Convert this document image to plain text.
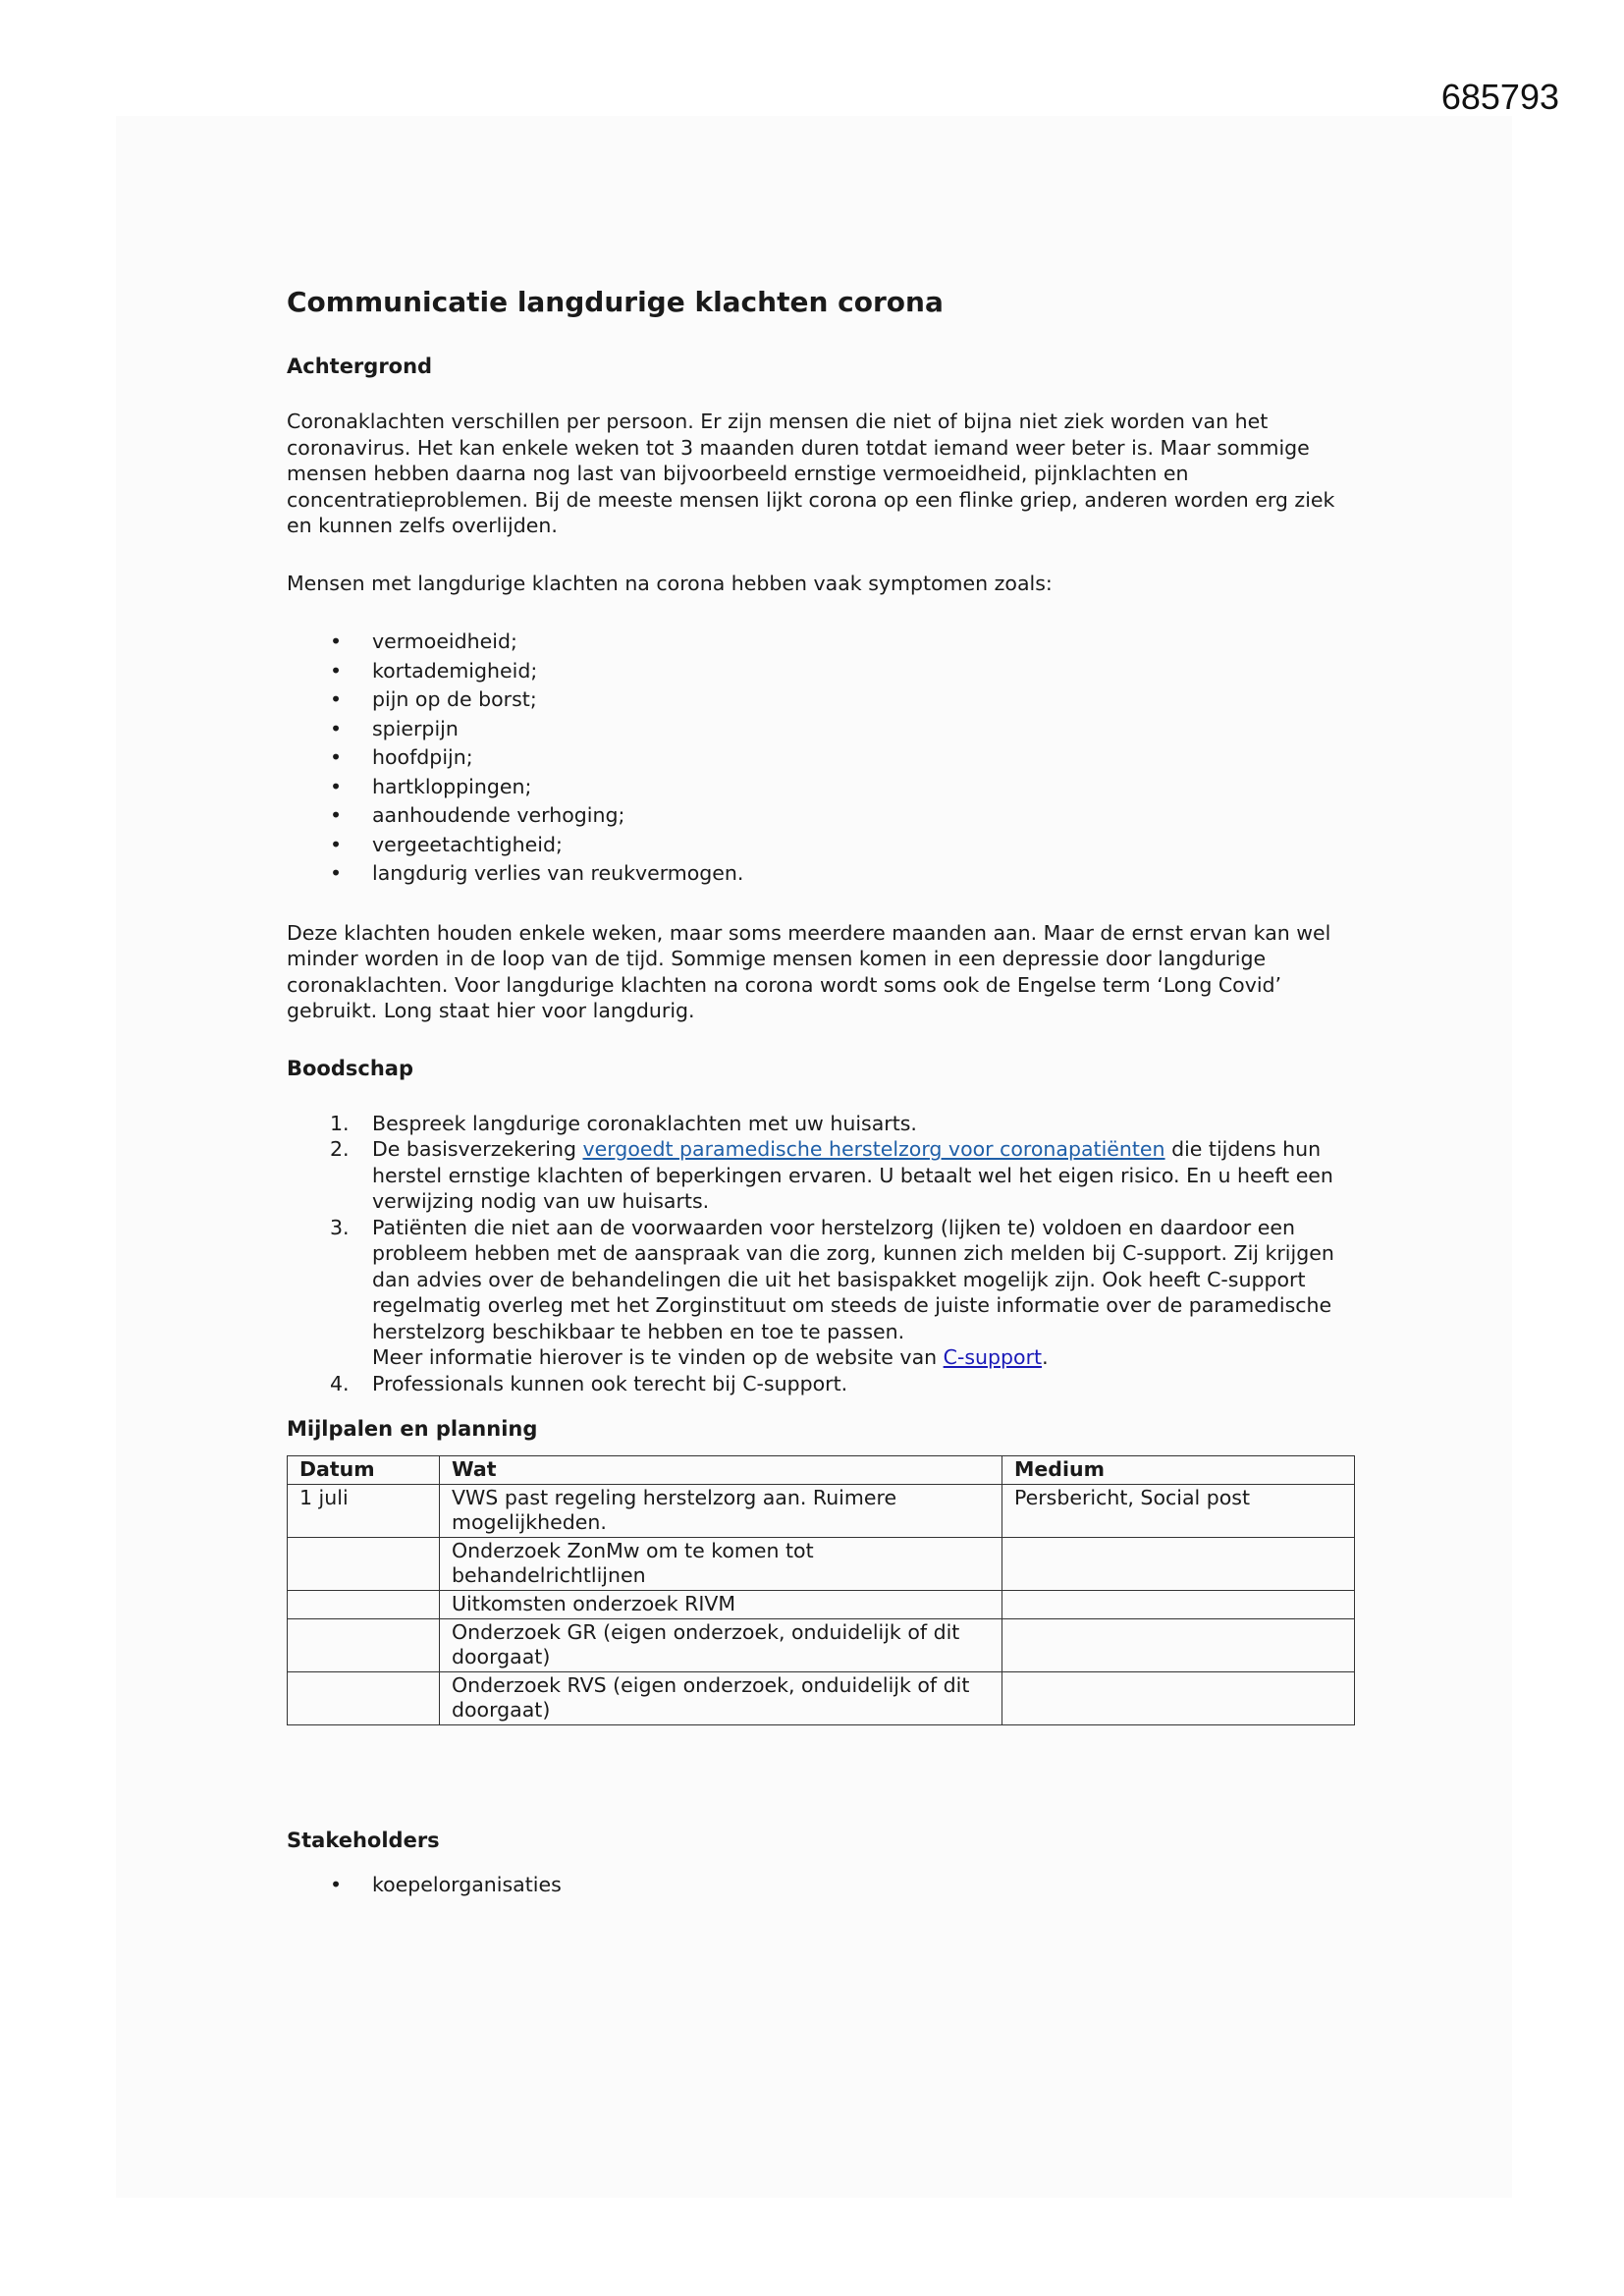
685793
Communicatie langdurige klachten corona
Achtergrond

Coronaklachten verschillen per persoon. Er zijn mensen die niet of bijna niet ziek worden van het coronavirus. Het kan enkele weken tot 3 maanden duren totdat iemand weer beter is. Maar sommige mensen hebben daarna nog last van bijvoorbeeld ernstige vermoeidheid, pijnklachten en concentratieproblemen. Bij de meeste mensen lijkt corona op een flinke griep, anderen worden erg ziek en kunnen zelfs overlijden.

Mensen met langdurige klachten na corona hebben vaak symptomen zoals:

• vermoeidheid;
• kortademigheid;
• pijn op de borst;
• spierpijn
• hoofdpijn;
• hartkloppingen;
• aanhoudende verhoging;
• vergeetachtigheid;
• langdurig verlies van reukvermogen.

Deze klachten houden enkele weken, maar soms meerdere maanden aan. Maar de ernst ervan kan wel minder worden in de loop van de tijd. Sommige mensen komen in een depressie door langdurige coronaklachten. Voor langdurige klachten na corona wordt soms ook de Engelse term ‘Long Covid’ gebruikt. Long staat hier voor langdurig.

Boodschap
1. Bespreek langdurige coronaklachten met uw huisarts.
2. De basisverzekering vergoedt paramedische herstelzorg voor coronapatiënten die tijdens hun herstel ernstige klachten of beperkingen ervaren. U betaalt wel het eigen risico. En u heeft een verwijzing nodig van uw huisarts.
3. Patiënten die niet aan de voorwaarden voor herstelzorg (lijken te) voldoen en daardoor een probleem hebben met de aanspraak van die zorg, kunnen zich melden bij C-support. Zij krijgen dan advies over de behandelingen die uit het basispakket mogelijk zijn. Ook heeft C-support regelmatig overleg met het Zorginstituut om steeds de juiste informatie over de paramedische herstelzorg beschikbaar te hebben en toe te passen.
Meer informatie hierover is te vinden op de website van C-support.
4. Professionals kunnen ook terecht bij C-support.
Mijlpalen en planning
Datum	Wat	Medium
1 juli	VWS past regeling herstelzorg aan. Ruimere mogelijkheden.	Persbericht, Social post
	Onderzoek ZonMw om te komen tot behandelrichtlijnen	
	Uitkomsten onderzoek RIVM	
	Onderzoek GR (eigen onderzoek, onduidelijk of dit doorgaat)	
	Onderzoek RVS (eigen onderzoek, onduidelijk of dit doorgaat)	
Stakeholders
• koepelorganisaties
